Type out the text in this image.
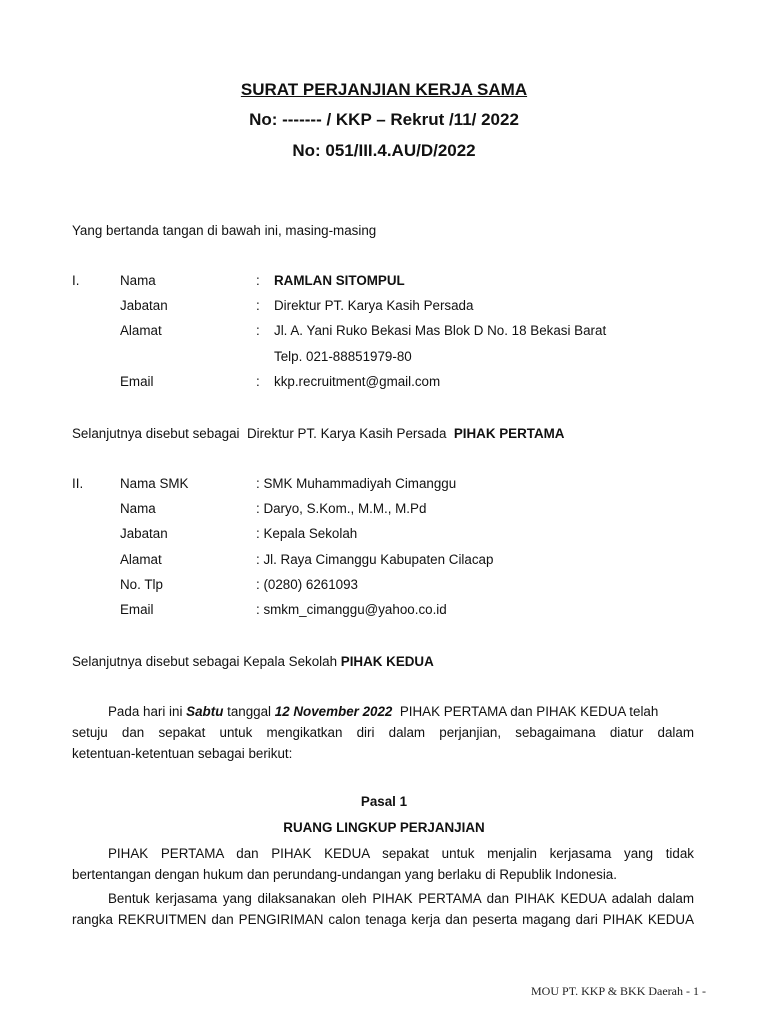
SURAT PERJANJIAN KERJA SAMA
No: ------- / KKP – Rekrut /11/ 2022
No: 051/III.4.AU/D/2022
Yang bertanda tangan di bawah ini, masing-masing
I.	Nama	: RAMLAN SITOMPUL
Jabatan	: Direktur PT. Karya Kasih Persada
Alamat	: Jl. A. Yani Ruko Bekasi Mas Blok D No. 18 Bekasi Barat
Telp. 021-88851979-80
Email	: kkp.recruitment@gmail.com
Selanjutnya disebut sebagai  Direktur PT. Karya Kasih Persada  PIHAK PERTAMA
II.	Nama SMK	: SMK Muhammadiyah Cimanggu
Nama	: Daryo, S.Kom., M.M., M.Pd
Jabatan	: Kepala Sekolah
Alamat	: Jl. Raya Cimanggu Kabupaten Cilacap
No. Tlp	: (0280) 6261093
Email	: smkm_cimanggu@yahoo.co.id
Selanjutnya disebut sebagai Kepala Sekolah PIHAK KEDUA
Pada hari ini Sabtu tanggal 12 November 2022  PIHAK PERTAMA dan PIHAK KEDUA telah
setuju dan sepakat untuk mengikatkan diri dalam perjanjian, sebagaimana diatur dalam
ketentuan-ketentuan sebagai berikut:
Pasal 1
RUANG LINGKUP PERJANJIAN
PIHAK PERTAMA dan PIHAK KEDUA sepakat untuk menjalin kerjasama yang tidak
bertentangan dengan hukum dan perundang-undangan yang berlaku di Republik Indonesia.
Bentuk kerjasama yang dilaksanakan oleh PIHAK PERTAMA dan PIHAK KEDUA adalah dalam
rangka REKRUITMEN dan PENGIRIMAN calon tenaga kerja dan peserta magang dari PIHAK KEDUA
MOU PT. KKP & BKK Daerah - 1 -
